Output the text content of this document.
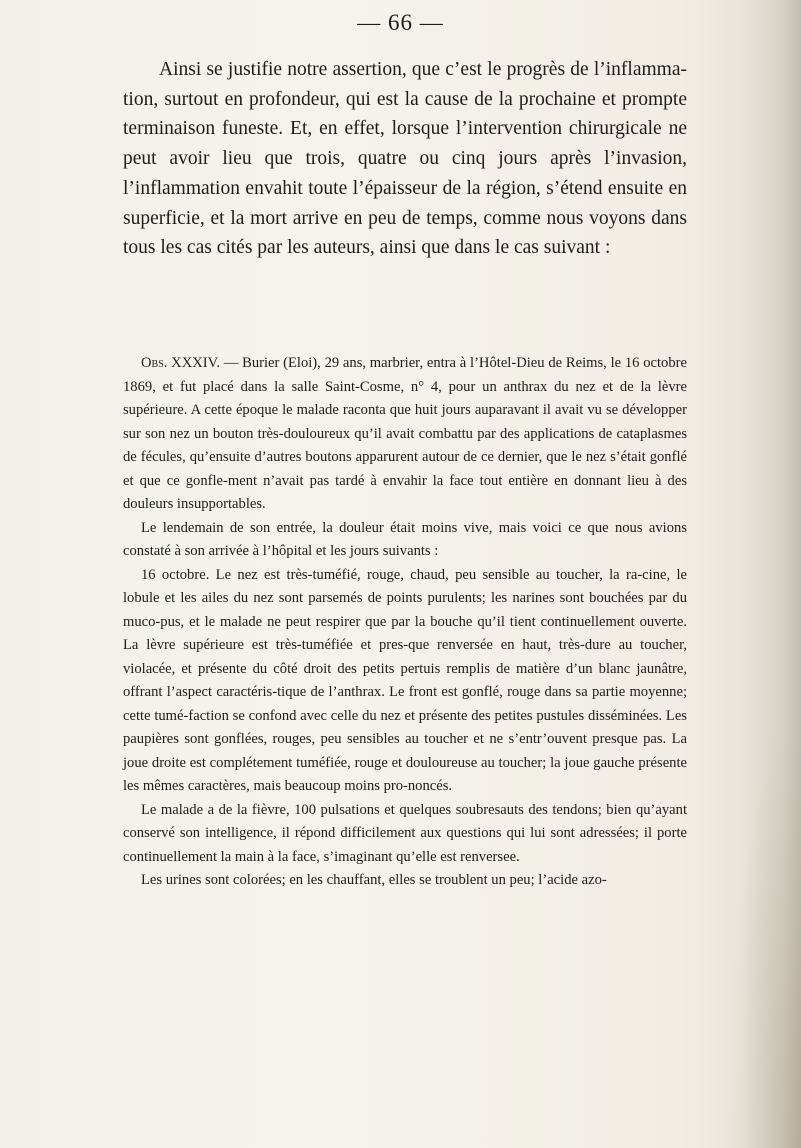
— 66 —

Ainsi se justifie notre assertion, que c’est le progrès de l’inflamma-tion, surtout en profondeur, qui est la cause de la prochaine et prompte terminaison funeste. Et, en effet, lorsque l’intervention chirurgicale ne peut avoir lieu que trois, quatre ou cinq jours après l’invasion, l’inflammation envahit toute l’épaisseur de la région, s’étend ensuite en superficie, et la mort arrive en peu de temps, comme nous voyons dans tous les cas cités par les auteurs, ainsi que dans le cas suivant :

Obs. XXXIV. — Burier (Eloi), 29 ans, marbrier, entra à l’Hôtel-Dieu de Reims, le 16 octobre 1869, et fut placé dans la salle Saint-Cosme, n° 4, pour un anthrax du nez et de la lèvre supérieure. A cette époque le malade raconta que huit jours auparavant il avait vu se développer sur son nez un bouton très-douloureux qu’il avait combattu par des applications de cataplasmes de fécules, qu’ensuite d’autres boutons apparurent autour de ce dernier, que le nez s’était gonflé et que ce gonfle-ment n’avait pas tardé à envahir la face tout entière en donnant lieu à des douleurs insupportables.

Le lendemain de son entrée, la douleur était moins vive, mais voici ce que nous avions constaté à son arrivée à l’hôpital et les jours suivants :

16 octobre. Le nez est très-tuméfié, rouge, chaud, peu sensible au toucher, la ra-cine, le lobule et les ailes du nez sont parsemés de points purulents; les narines sont bouchées par du muco-pus, et le malade ne peut respirer que par la bouche qu’il tient continuellement ouverte. La lèvre supérieure est très-tuméfiée et pres-que renversée en haut, très-dure au toucher, violacée, et présente du côté droit des petits pertuis remplis de matière d’un blanc jaunâtre, offrant l’aspect caractéris-tique de l’anthrax. Le front est gonflé, rouge dans sa partie moyenne; cette tumé-faction se confond avec celle du nez et présente des petites pustules disséminées. Les paupières sont gonflées, rouges, peu sensibles au toucher et ne s’entr’ouvent presque pas. La joue droite est complétement tuméfiée, rouge et douloureuse au toucher; la joue gauche présente les mêmes caractères, mais beaucoup moins pro-noncés.

Le malade a de la fièvre, 100 pulsations et quelques soubresauts des tendons; bien qu’ayant conservé son intelligence, il répond difficilement aux questions qui lui sont adressées; il porte continuellement la main à la face, s’imaginant qu’elle est renversee.

Les urines sont colorées; en les chauffant, elles se troublent un peu; l’acide azo-
